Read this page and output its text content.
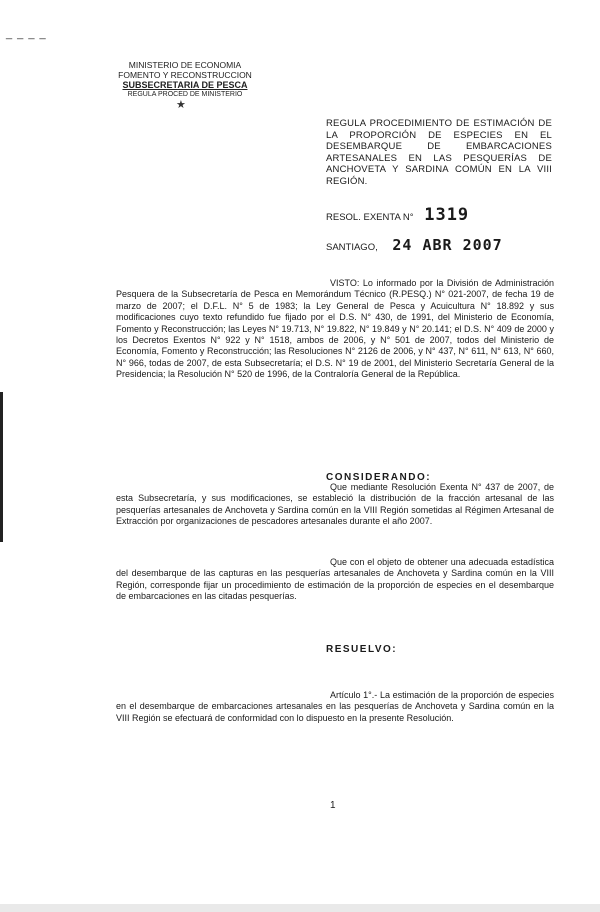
_ _ _ _
MINISTERIO DE ECONOMIA
FOMENTO Y RECONSTRUCCION
SUBSECRETARIA DE PESCA
REGULA PROCED DE MINISTERIO
★
REGULA PROCEDIMIENTO DE ESTIMACIÓN DE LA PROPORCIÓN DE ESPECIES EN EL DESEMBARQUE DE EMBARCACIONES ARTESANALES EN LAS PESQUERÍAS DE ANCHOVETA Y SARDINA COMÚN EN LA VIII REGIÓN.
RESOL. EXENTA N° 1319
SANTIAGO, 24 ABR 2007
VISTO: Lo informado por la División de Administración Pesquera de la Subsecretaría de Pesca en Memorándum Técnico (R.PESQ.) N° 021-2007, de fecha 19 de marzo de 2007; el D.F.L. N° 5 de 1983; la Ley General de Pesca y Acuicultura N° 18.892 y sus modificaciones cuyo texto refundido fue fijado por el D.S. N° 430, de 1991, del Ministerio de Economía, Fomento y Reconstrucción; las Leyes N° 19.713, N° 19.822, N° 19.849 y N° 20.141; el D.S. N° 409 de 2000 y los Decretos Exentos N° 922 y N° 1518, ambos de 2006, y N° 501 de 2007, todos del Ministerio de Economía, Fomento y Reconstrucción; las Resoluciones N° 2126 de 2006, y N° 437, N° 611, N° 613, N° 660, N° 966, todas de 2007, de esta Subsecretaría; el D.S. N° 19 de 2001, del Ministerio Secretaría General de la Presidencia; la Resolución N° 520 de 1996, de la Contraloría General de la República.
CONSIDERANDO:
Que mediante Resolución Exenta N° 437 de 2007, de esta Subsecretaría, y sus modificaciones, se estableció la distribución de la fracción artesanal de las pesquerías artesanales de Anchoveta y Sardina común en la VIII Región sometidas al Régimen Artesanal de Extracción por organizaciones de pescadores artesanales durante el año 2007.
Que con el objeto de obtener una adecuada estadística del desembarque de las capturas en las pesquerías artesanales de Anchoveta y Sardina común en la VIII Región, corresponde fijar un procedimiento de estimación de la proporción de especies en el desembarque de embarcaciones en las citadas pesquerías.
RESUELVO:
Artículo 1°.- La estimación de la proporción de especies en el desembarque de embarcaciones artesanales en las pesquerías de Anchoveta y Sardina común en la VIII Región se efectuará de conformidad con lo dispuesto en la presente Resolución.
1
